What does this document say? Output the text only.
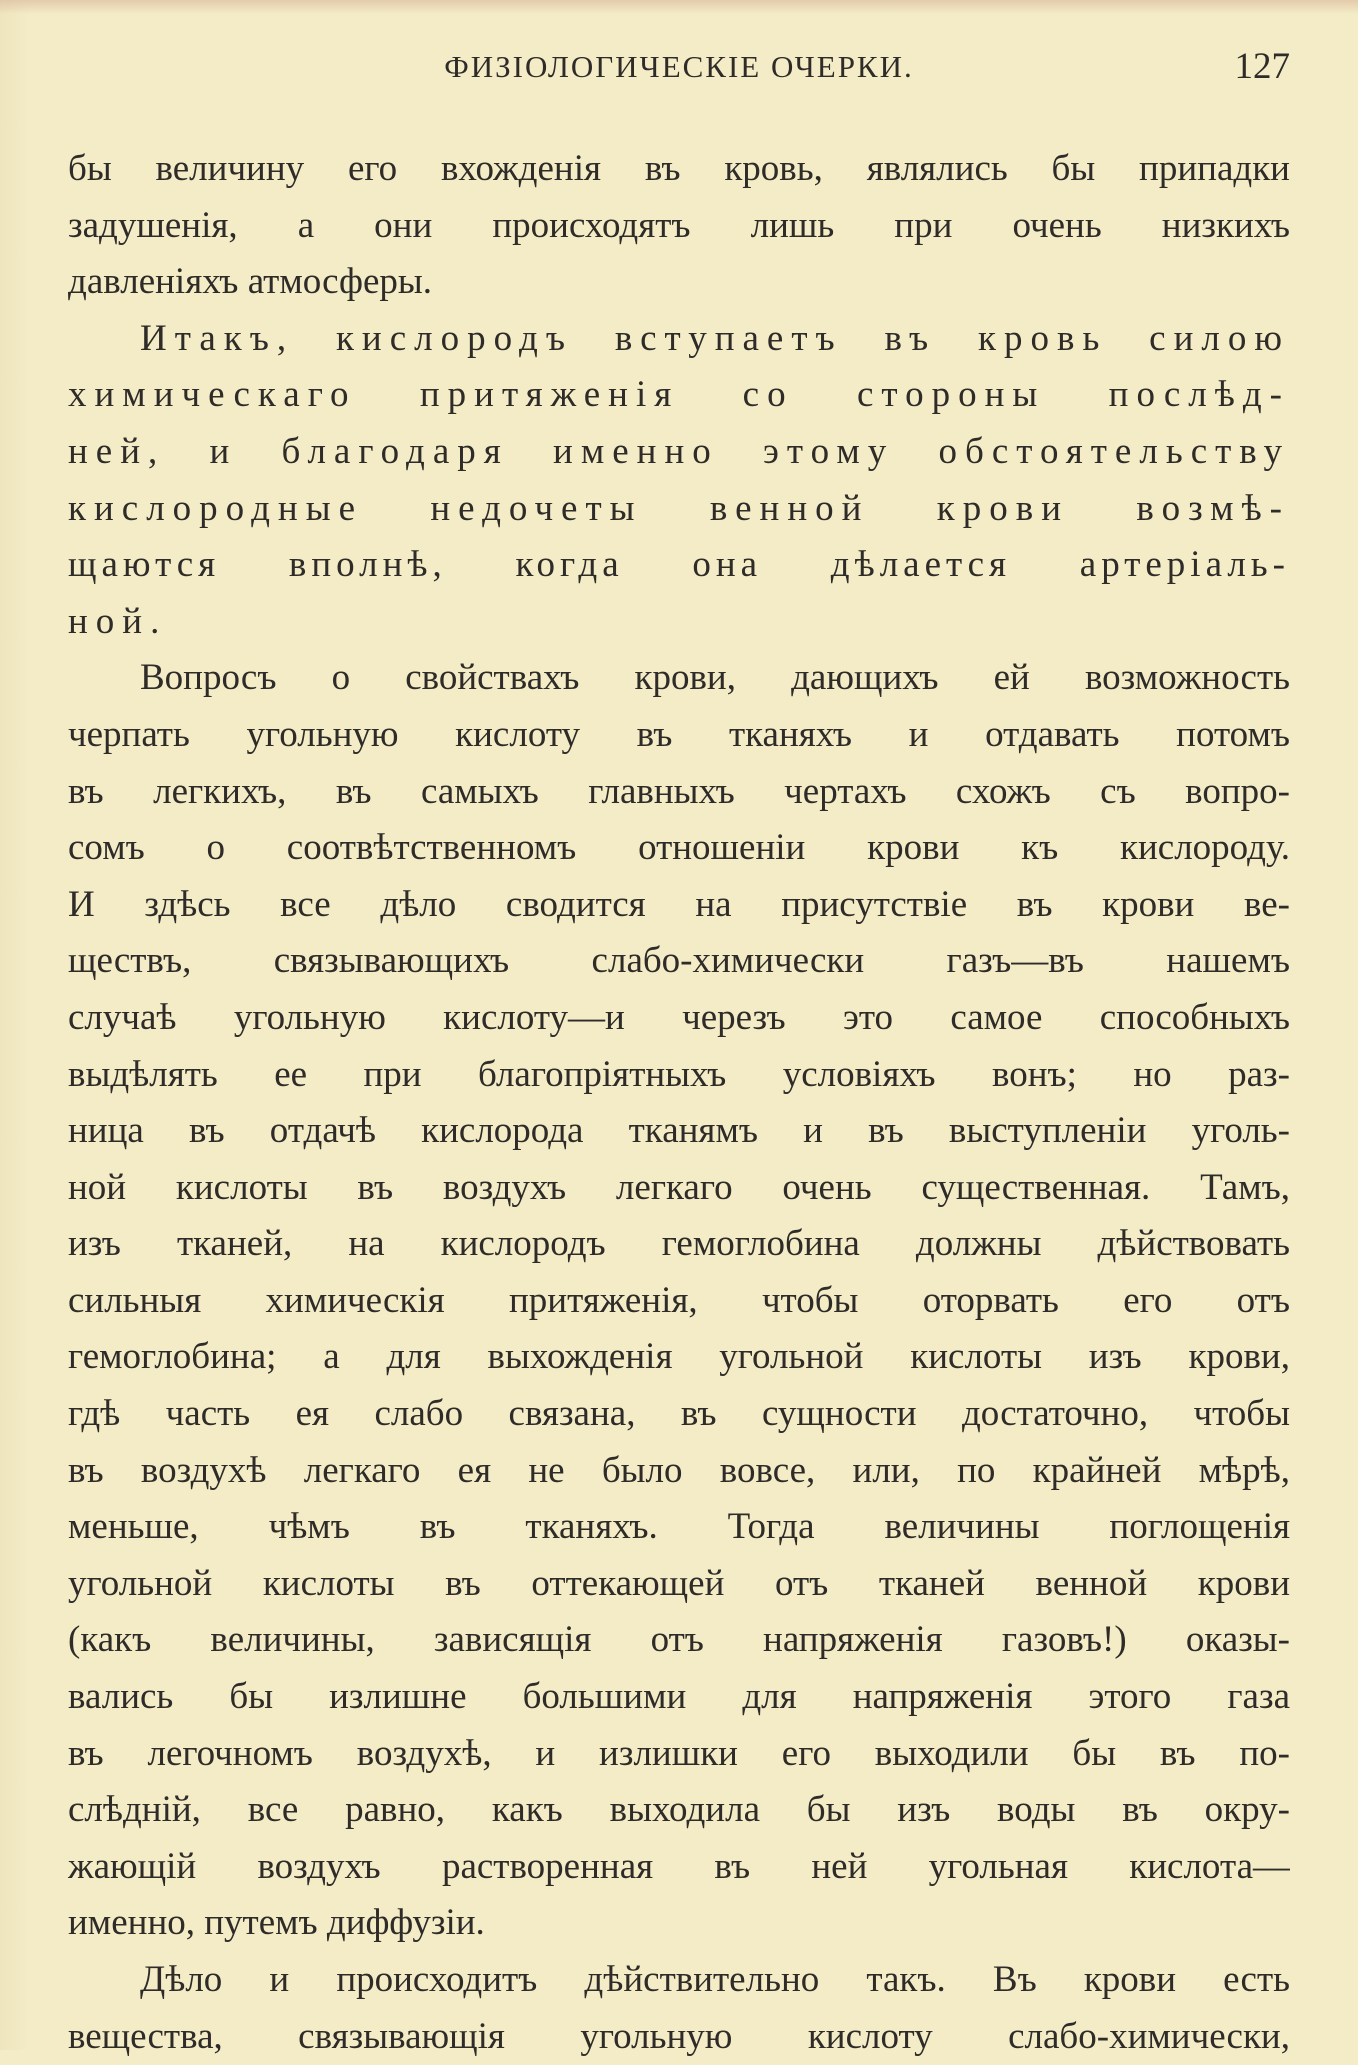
ФИЗІОЛОГИЧЕСКІЕ ОЧЕРКИ.	127
бы величину его вхожденія въ кровь, являлись бы припадки
задушенія, а они происходятъ лишь при очень низкихъ
давленіяхъ атмосферы.
Итакъ, кислородъ вступаетъ въ кровь силою
химическаго притяженія со стороны послѣд-
ней, и благодаря именно этому обстоятельству
кислородные недочеты венной крови возмѣ-
щаются вполнѣ, когда она дѣлается артеріаль-
ной.
Вопросъ о свойствахъ крови, дающихъ ей возможность
черпать угольную кислоту въ тканяхъ и отдавать потомъ
въ легкихъ, въ самыхъ главныхъ чертахъ схожъ съ вопро-
сомъ о соотвѣтственномъ отношеніи крови къ кислороду.
И здѣсь все дѣло сводится на присутствіе въ крови ве-
ществъ, связывающихъ слабо-химически газъ—въ нашемъ
случаѣ угольную кислоту—и черезъ это самое способныхъ
выдѣлять ее при благопріятныхъ условіяхъ вонъ; но раз-
ница въ отдачѣ кислорода тканямъ и въ выступленіи уголь-
ной кислоты въ воздухъ легкаго очень существенная. Тамъ,
изъ тканей, на кислородъ гемоглобина должны дѣйствовать
сильныя химическія притяженія, чтобы оторвать его отъ
гемоглобина; а для выхожденія угольной кислоты изъ крови,
гдѣ часть ея слабо связана, въ сущности достаточно, чтобы
въ воздухѣ легкаго ея не было вовсе, или, по крайней мѣрѣ,
меньше, чѣмъ въ тканяхъ. Тогда величины поглощенія
угольной кислоты въ оттекающей отъ тканей венной крови
(какъ величины, зависящія отъ напряженія газовъ!) оказы-
вались бы излишне большими для напряженія этого газа
въ легочномъ воздухѣ, и излишки его выходили бы въ по-
слѣдній, все равно, какъ выходила бы изъ воды въ окру-
жающій воздухъ растворенная въ ней угольная кислота—
именно, путемъ диффузіи.
Дѣло и происходитъ дѣйствительно такъ. Въ крови есть
вещества, связывающія угольную кислоту слабо-химически,
